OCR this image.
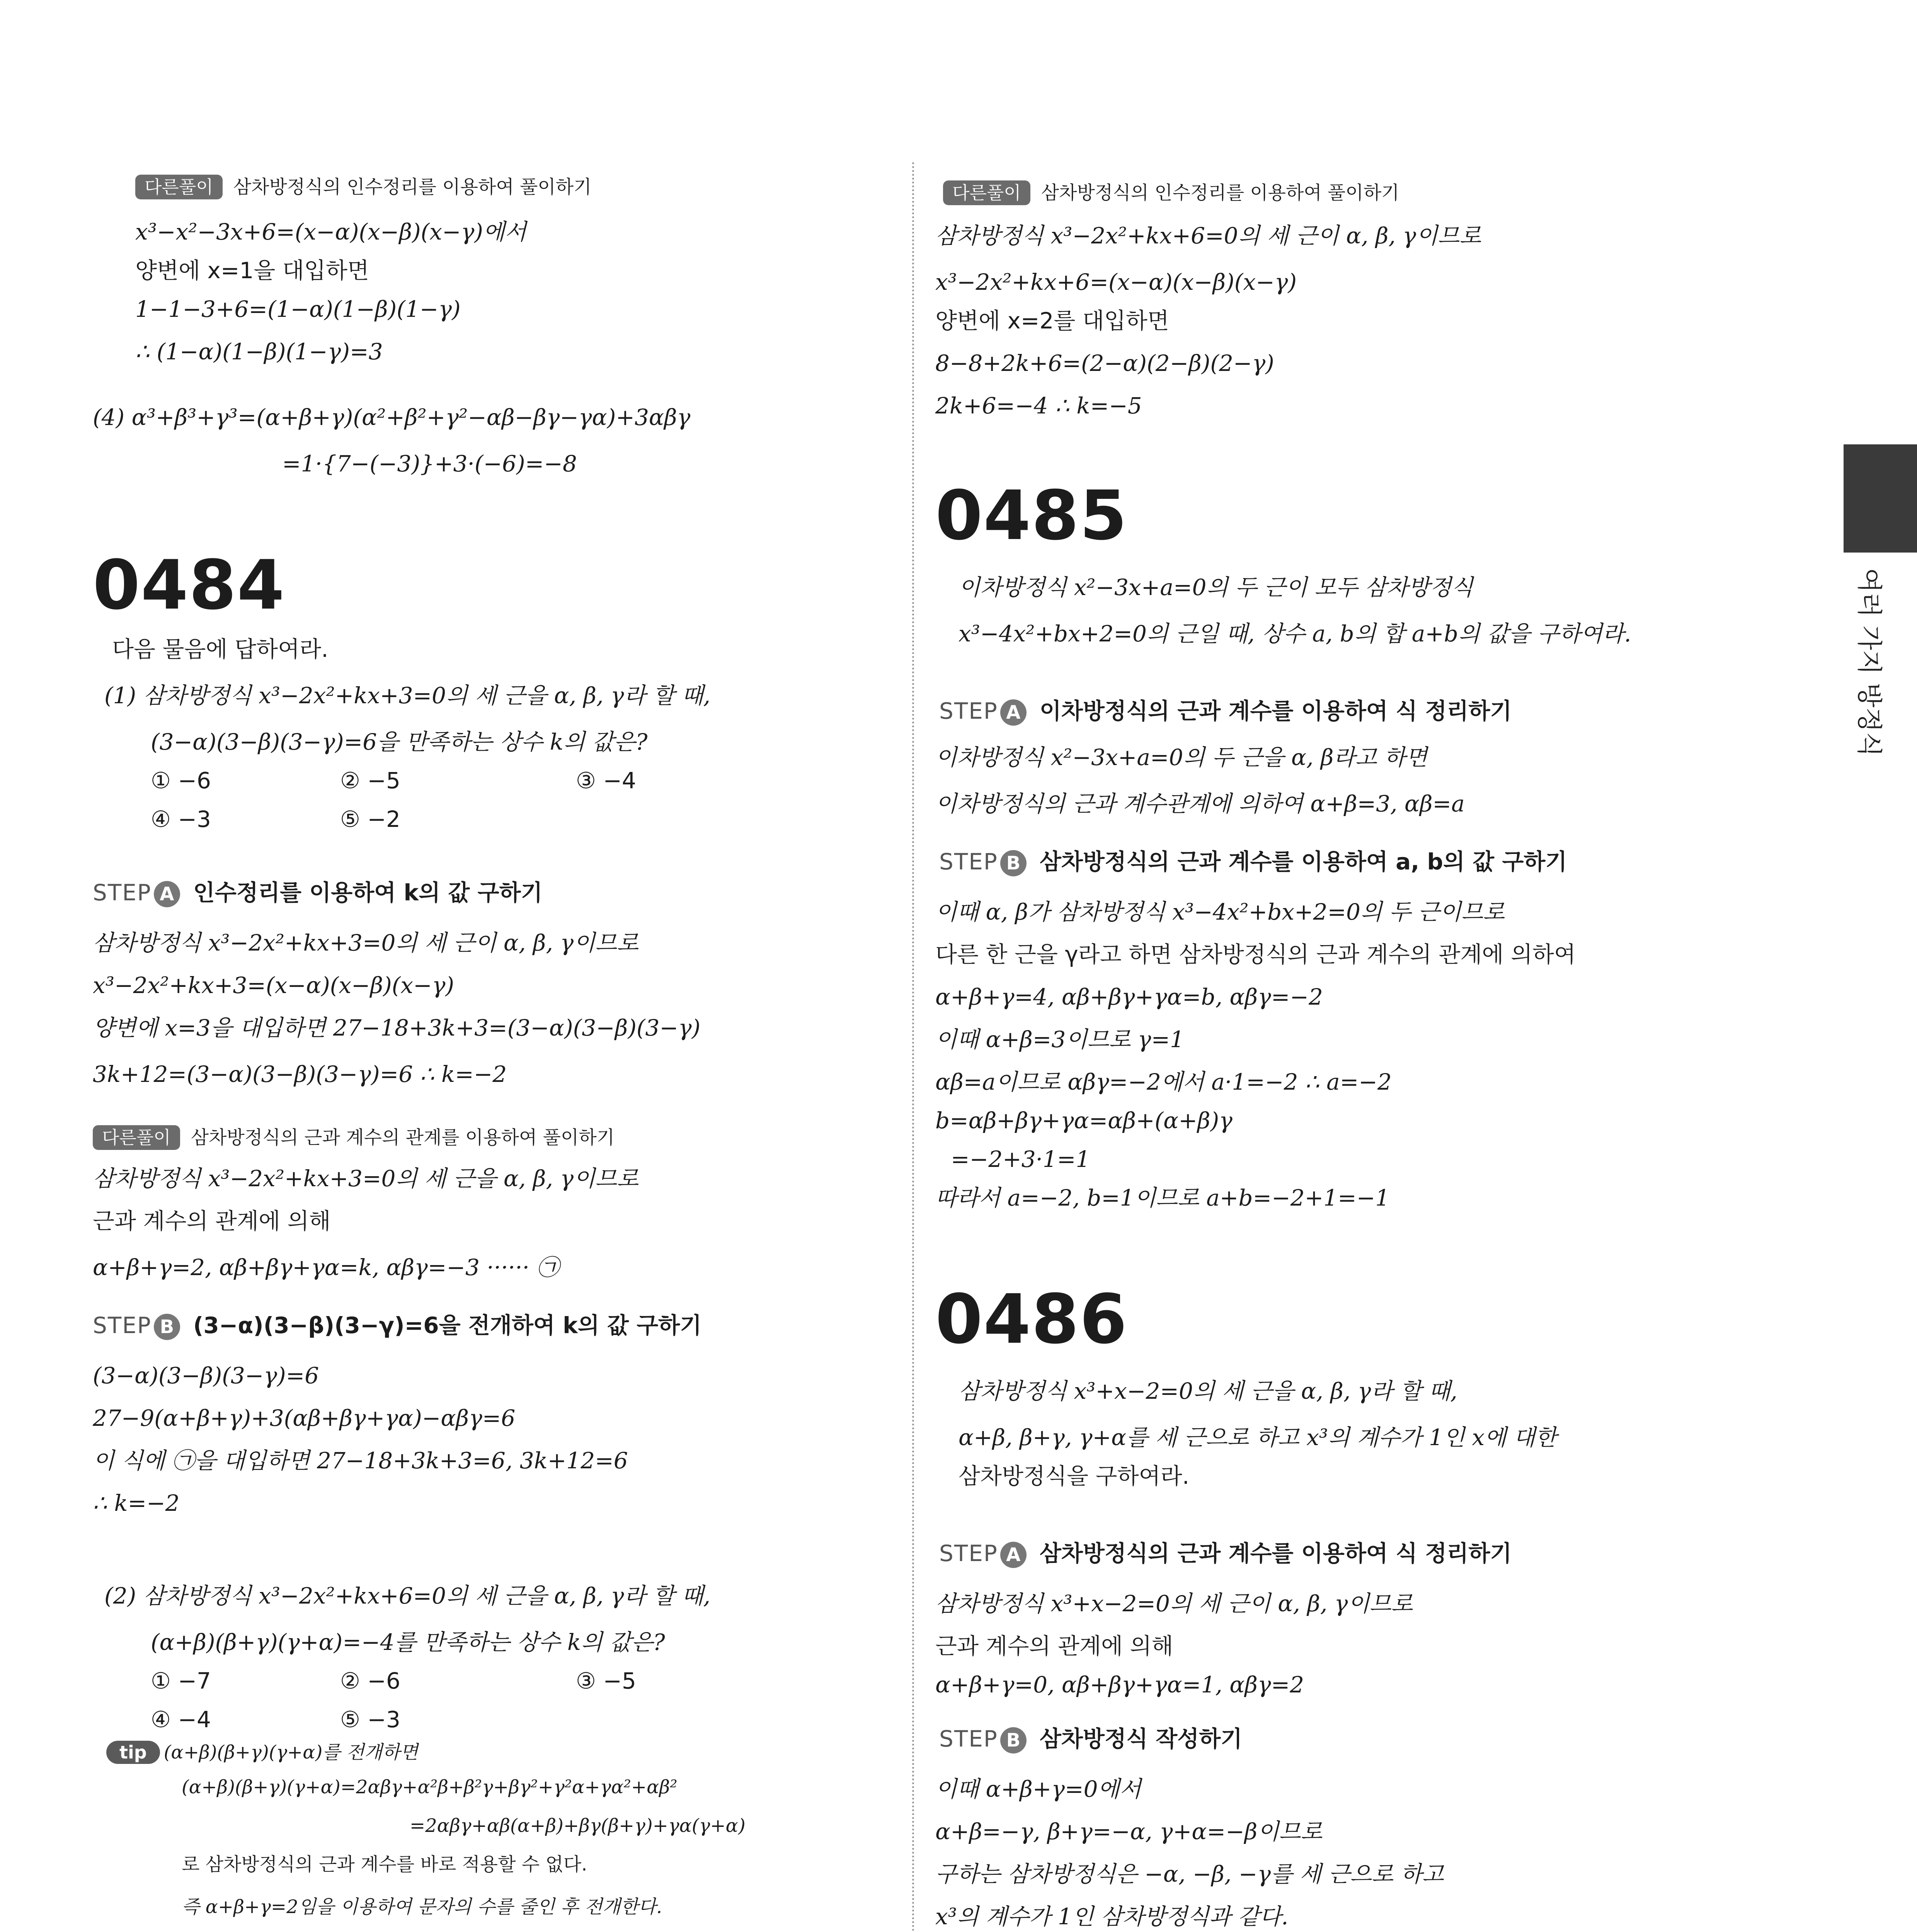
04
여러 가지 방정식
다른풀이 삼차방정식의 인수정리를 이용하여 풀이하기
x³−x²−3x+6=(x−α)(x−β)(x−γ)에서
양변에 x=1을 대입하면
1−1−3+6=(1−α)(1−β)(1−γ)
∴ (1−α)(1−β)(1−γ)=3
(4) α³+β³+γ³=(α+β+γ)(α²+β²+γ²−αβ−βγ−γα)+3αβγ
=1·{7−(−3)}+3·(−6)=−8
0484
다음 물음에 답하여라.
(1) 삼차방정식 x³−2x²+kx+3=0의 세 근을 α, β, γ라 할 때,
(3−α)(3−β)(3−γ)=6을 만족하는 상수 k의 값은?
① −6	② −5	③ −4
④ −3	⑤ −2
STEP A 인수정리를 이용하여 k의 값 구하기
삼차방정식 x³−2x²+kx+3=0의 세 근이 α, β, γ이므로
x³−2x²+kx+3=(x−α)(x−β)(x−γ)
양변에 x=3을 대입하면 27−18+3k+3=(3−α)(3−β)(3−γ)
3k+12=(3−α)(3−β)(3−γ)=6 ∴ k=−2
다른풀이 삼차방정식의 근과 계수의 관계를 이용하여 풀이하기
삼차방정식 x³−2x²+kx+3=0의 세 근을 α, β, γ이므로
근과 계수의 관계에 의해
α+β+γ=2, αβ+βγ+γα=k, αβγ=−3 ······ ㉠
STEP B (3−α)(3−β)(3−γ)=6을 전개하여 k의 값 구하기
(3−α)(3−β)(3−γ)=6
27−9(α+β+γ)+3(αβ+βγ+γα)−αβγ=6
이 식에 ㉠을 대입하면 27−18+3k+3=6, 3k+12=6
∴ k=−2
(2) 삼차방정식 x³−2x²+kx+6=0의 세 근을 α, β, γ라 할 때,
(α+β)(β+γ)(γ+α)=−4를 만족하는 상수 k의 값은?
① −7	② −6	③ −5
④ −4	⑤ −3
tip (α+β)(β+γ)(γ+α)를 전개하면
(α+β)(β+γ)(γ+α)=2αβγ+α²β+β²γ+βγ²+γ²α+γα²+αβ²
=2αβγ+αβ(α+β)+βγ(β+γ)+γα(γ+α)
로 삼차방정식의 근과 계수를 바로 적용할 수 없다.
즉 α+β+γ=2임을 이용하여 문자의 수를 줄인 후 전개한다.
다른풀이 삼차방정식의 인수정리를 이용하여 풀이하기
삼차방정식 x³−2x²+kx+6=0의 세 근이 α, β, γ이므로
x³−2x²+kx+6=(x−α)(x−β)(x−γ)
양변에 x=2를 대입하면
8−8+2k+6=(2−α)(2−β)(2−γ)
2k+6=−4 ∴ k=−5
0485
이차방정식 x²−3x+a=0의 두 근이 모두 삼차방정식
x³−4x²+bx+2=0의 근일 때, 상수 a, b의 합 a+b의 값을 구하여라.
STEP A 이차방정식의 근과 계수를 이용하여 식 정리하기
이차방정식 x²−3x+a=0의 두 근을 α, β라고 하면
이차방정식의 근과 계수관계에 의하여 α+β=3, αβ=a
STEP B 삼차방정식의 근과 계수를 이용하여 a, b의 값 구하기
이때 α, β가 삼차방정식 x³−4x²+bx+2=0의 두 근이므로
다른 한 근을 γ라고 하면 삼차방정식의 근과 계수의 관계에 의하여
α+β+γ=4, αβ+βγ+γα=b, αβγ=−2
이때 α+β=3이므로 γ=1
αβ=a이므로 αβγ=−2에서 a·1=−2 ∴ a=−2
b=αβ+βγ+γα=αβ+(α+β)γ
=−2+3·1=1
따라서 a=−2, b=1이므로 a+b=−2+1=−1
0486
삼차방정식 x³+x−2=0의 세 근을 α, β, γ라 할 때,
α+β, β+γ, γ+α를 세 근으로 하고 x³의 계수가 1인 x에 대한
삼차방정식을 구하여라.
STEP A 삼차방정식의 근과 계수를 이용하여 식 정리하기
삼차방정식 x³+x−2=0의 세 근이 α, β, γ이므로
근과 계수의 관계에 의해
α+β+γ=0, αβ+βγ+γα=1, αβγ=2
STEP B 삼차방정식 작성하기
이때 α+β+γ=0에서
α+β=−γ, β+γ=−α, γ+α=−β이므로
구하는 삼차방정식은 −α, −β, −γ를 세 근으로 하고
x³의 계수가 1인 삼차방정식과 같다.
